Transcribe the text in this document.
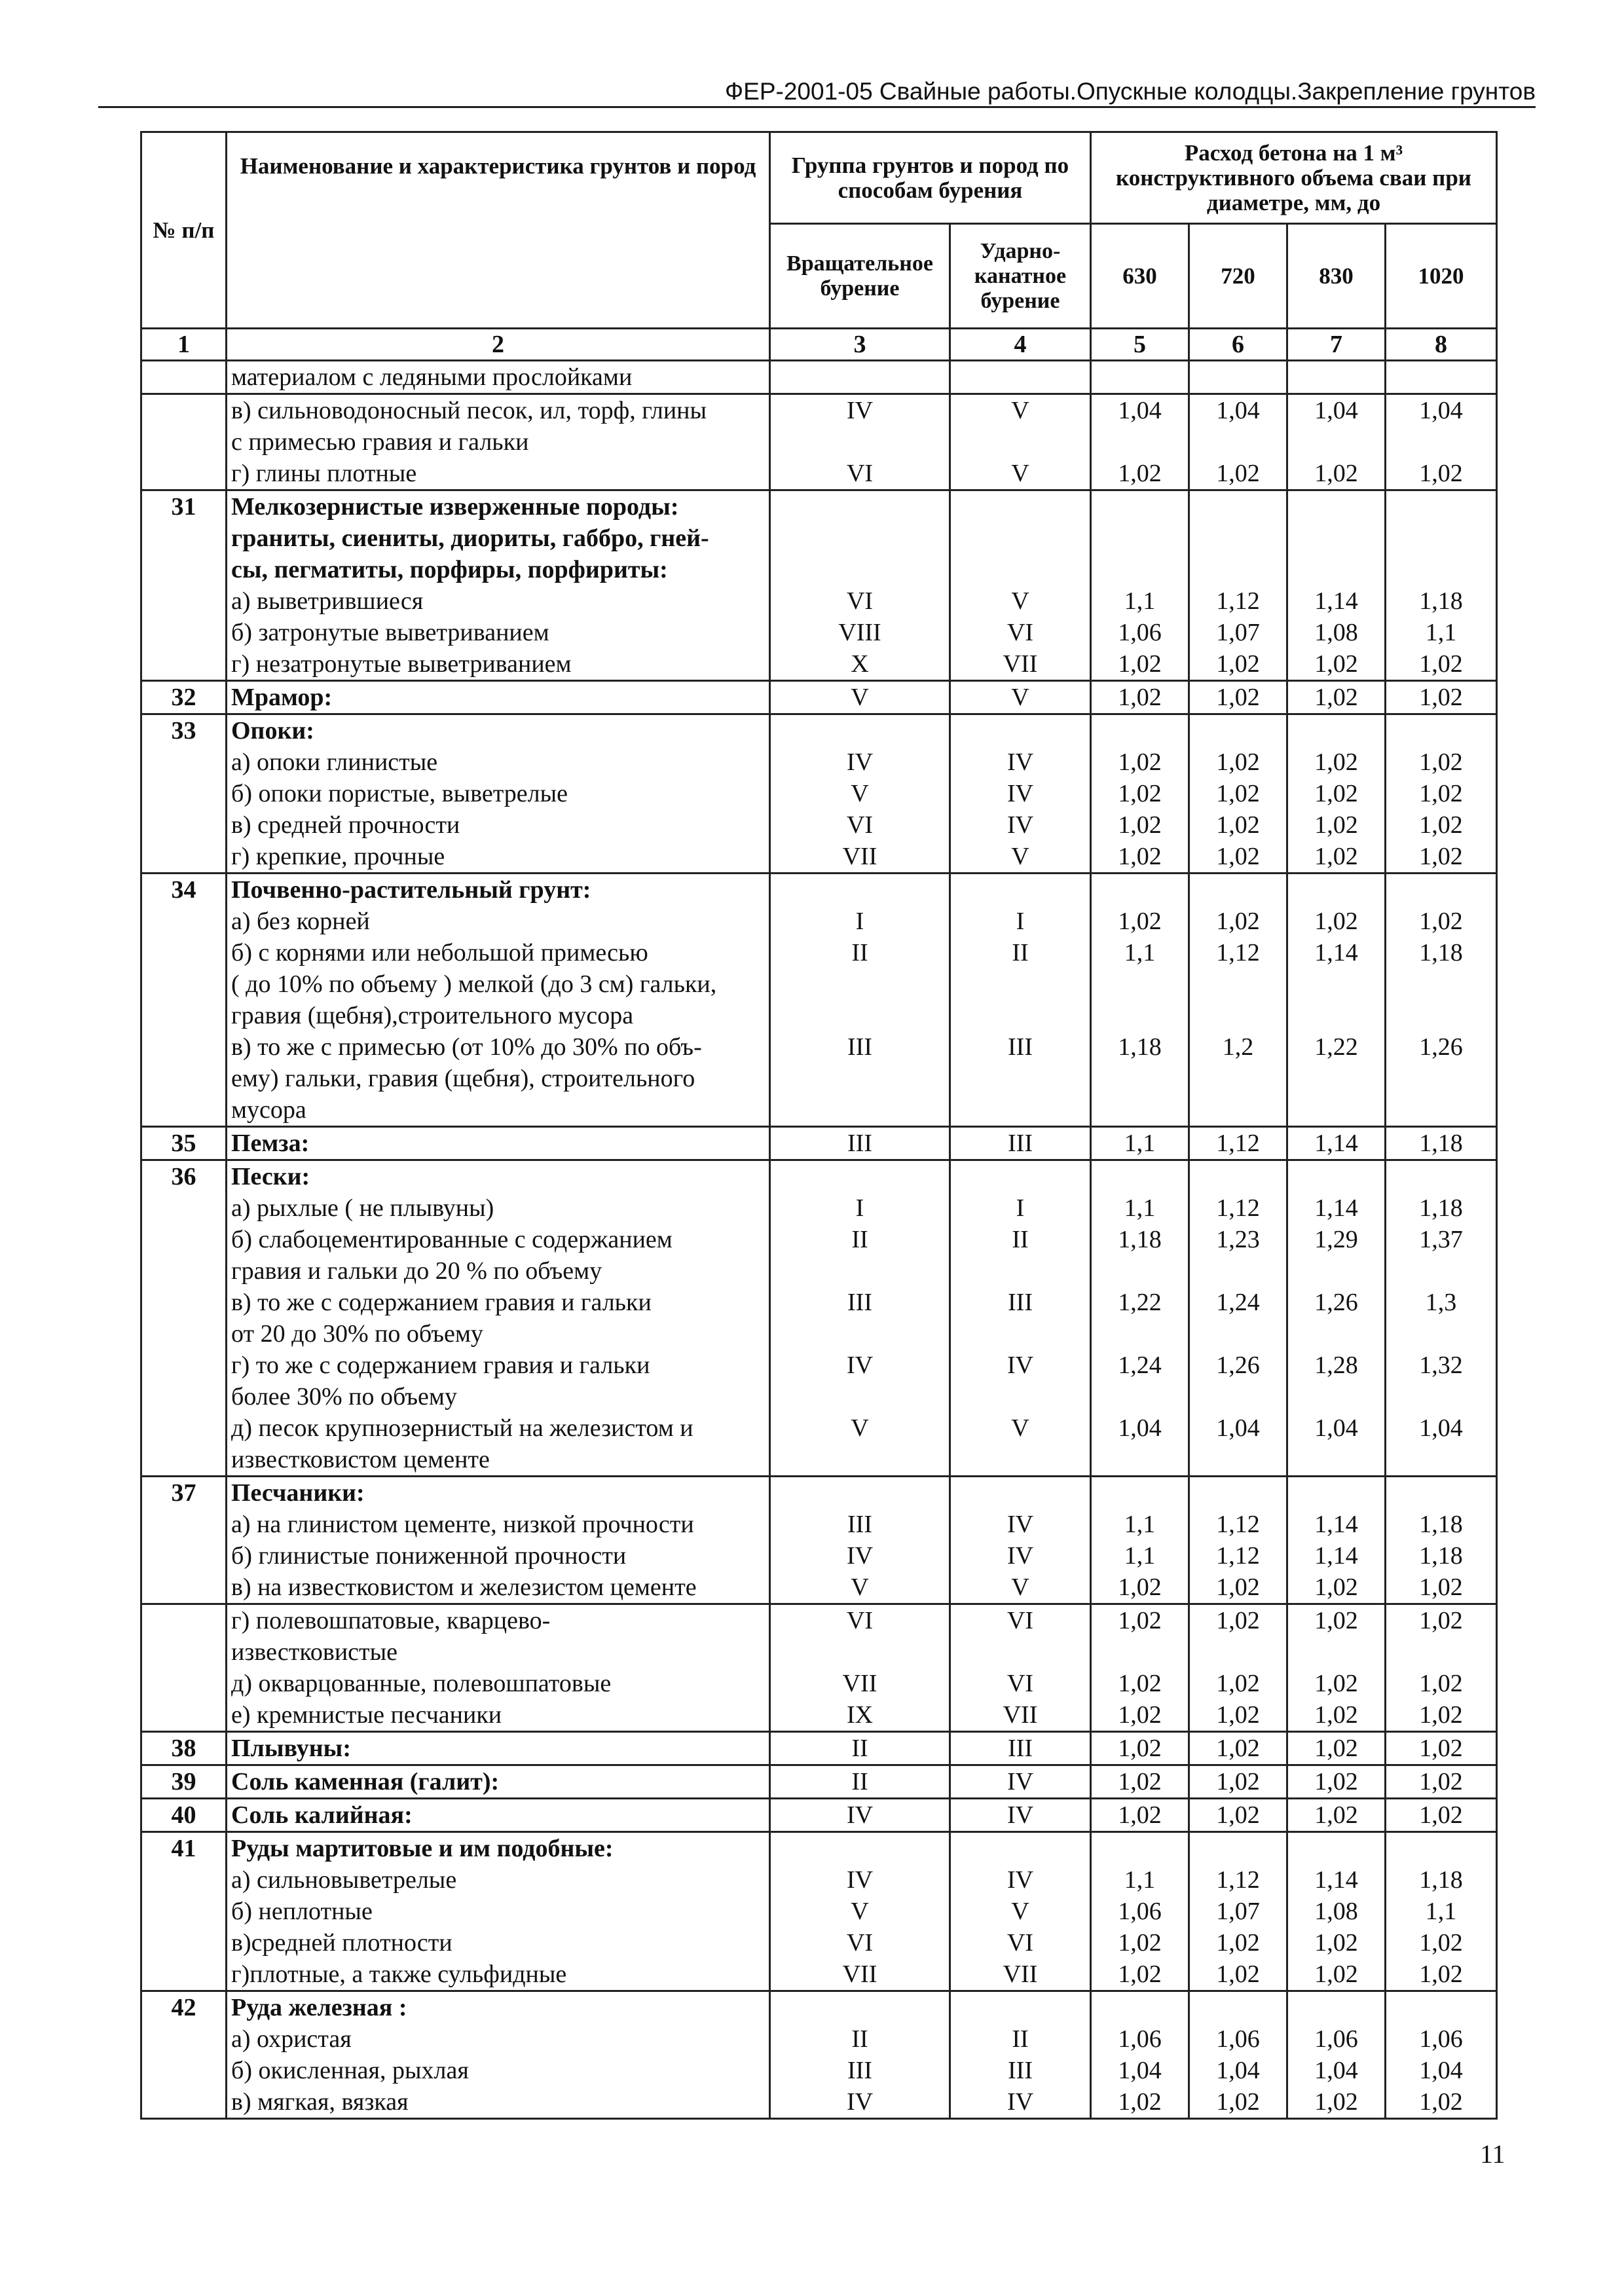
ФЕР-2001-05 Свайные работы.Опускные колодцы.Закрепление грунтов
№ п/п	Наименование и характеристика грунтов и пород	Группа грунтов и пород по способам бурения		Расход бетона на 1 м³ конструктивного объема сваи при диаметре, мм, до			
		Вращательное бурение	Ударно-канатное бурение	630	720	830	1020
1	2	3	4	5	6	7	8
	материалом с ледяными прослойками						
	в) сильноводоносный песок, ил, торф, глины	IV	V	1,04	1,04	1,04	1,04
	с примесью гравия и гальки						
	г) глины плотные	VI	V	1,02	1,02	1,02	1,02
31	Мелкозернистые изверженные породы:						
	граниты, сиениты, диориты, габбро, гней-						
	сы, пегматиты, порфиры, порфириты:						
	а) выветрившиеся	VI	V	1,1	1,12	1,14	1,18
	б) затронутые выветриванием	VIII	VI	1,06	1,07	1,08	1,1
	г) незатронутые выветриванием	X	VII	1,02	1,02	1,02	1,02
32	Мрамор:	V	V	1,02	1,02	1,02	1,02
33	Опоки:						
	а) опоки глинистые	IV	IV	1,02	1,02	1,02	1,02
	б) опоки пористые, выветрелые	V	IV	1,02	1,02	1,02	1,02
	в) средней прочности	VI	IV	1,02	1,02	1,02	1,02
	г) крепкие, прочные	VII	V	1,02	1,02	1,02	1,02
34	Почвенно-растительный грунт:						
	а) без корней	I	I	1,02	1,02	1,02	1,02
	б) с корнями или небольшой примесью	II	II	1,1	1,12	1,14	1,18
	( до 10% по объему ) мелкой (до 3 см) гальки,						
	гравия (щебня),строительного мусора						
	в) то же с примесью (от 10% до 30% по объ-	III	III	1,18	1,2	1,22	1,26
	ему) гальки, гравия (щебня), строительного						
	мусора						
35	Пемза:	III	III	1,1	1,12	1,14	1,18
36	Пески:						
	а) рыхлые ( не плывуны)	I	I	1,1	1,12	1,14	1,18
	б) слабоцементированные с содержанием	II	II	1,18	1,23	1,29	1,37
	гравия и гальки до 20 % по объему						
	в) то же с содержанием гравия и гальки	III	III	1,22	1,24	1,26	1,3
	от 20 до 30% по объему						
	г) то же с содержанием гравия и гальки	IV	IV	1,24	1,26	1,28	1,32
	более 30% по объему						
	д) песок крупнозернистый на железистом и	V	V	1,04	1,04	1,04	1,04
	известковистом цементе						
37	Песчаники:						
	а) на глинистом цементе, низкой прочности	III	IV	1,1	1,12	1,14	1,18
	б) глинистые пониженной прочности	IV	IV	1,1	1,12	1,14	1,18
	в) на известковистом и железистом цементе	V	V	1,02	1,02	1,02	1,02
	г) полевошпатовые, кварцево-	VI	VI	1,02	1,02	1,02	1,02
	известковистые						
	д) окварцованные, полевошпатовые	VII	VI	1,02	1,02	1,02	1,02
	е) кремнистые песчаники	IX	VII	1,02	1,02	1,02	1,02
38	Плывуны:	II	III	1,02	1,02	1,02	1,02
39	Соль каменная (галит):	II	IV	1,02	1,02	1,02	1,02
40	Соль калийная:	IV	IV	1,02	1,02	1,02	1,02
41	Руды мартитовые и им подобные:						
	а) сильновыветрелые	IV	IV	1,1	1,12	1,14	1,18
	б) неплотные	V	V	1,06	1,07	1,08	1,1
	в)средней плотности	VI	VI	1,02	1,02	1,02	1,02
	г)плотные, а также сульфидные	VII	VII	1,02	1,02	1,02	1,02
42	Руда железная :						
	а) охристая	II	II	1,06	1,06	1,06	1,06
	б) окисленная, рыхлая	III	III	1,04	1,04	1,04	1,04
	в) мягкая, вязкая	IV	IV	1,02	1,02	1,02	1,02
11
